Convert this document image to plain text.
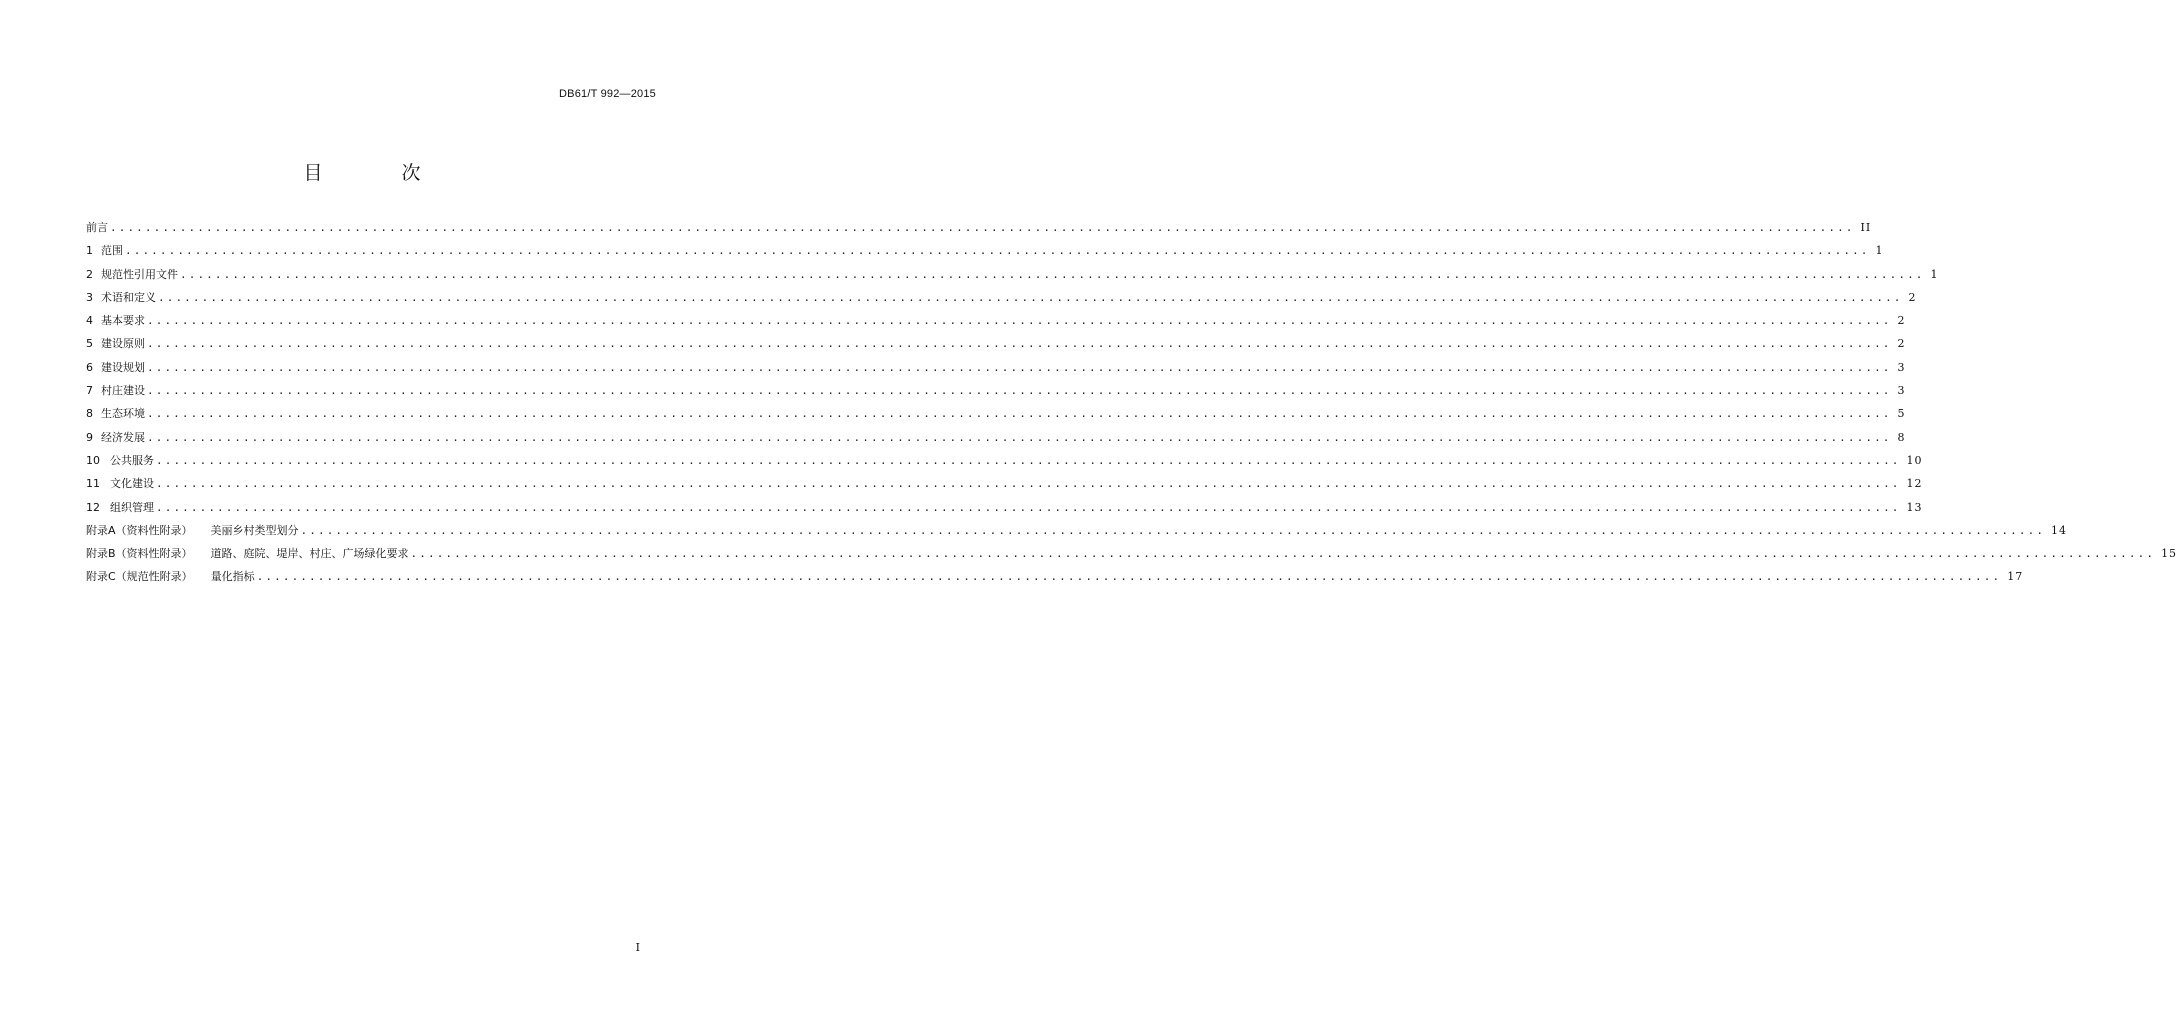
DB61/T 992—2015
目　次
前言 ........................................................................................................................................................................................................ II
1 范围 ........................................................................................................................................................................................................ 1
2 规范性引用文件 ........................................................................................................................................................................................................ 1
3 术语和定义 ........................................................................................................................................................................................................ 2
4 基本要求 ........................................................................................................................................................................................................ 2
5 建设原则 ........................................................................................................................................................................................................ 2
6 建设规划 ........................................................................................................................................................................................................ 3
7 村庄建设 ........................................................................................................................................................................................................ 3
8 生态环境 ........................................................................................................................................................................................................ 5
9 经济发展 ........................................................................................................................................................................................................ 8
10 公共服务 ........................................................................................................................................................................................................ 10
11 文化建设 ........................................................................................................................................................................................................ 12
12 组织管理 ........................................................................................................................................................................................................ 13
附录A（资料性附录） 美丽乡村类型划分 ........................................................................................................................................................................................................ 14
附录B（资料性附录） 道路、庭院、堤岸、村庄、广场绿化要求 ........................................................................................................................................................................................................ 15
附录C（规范性附录） 量化指标 ........................................................................................................................................................................................................ 17
I
